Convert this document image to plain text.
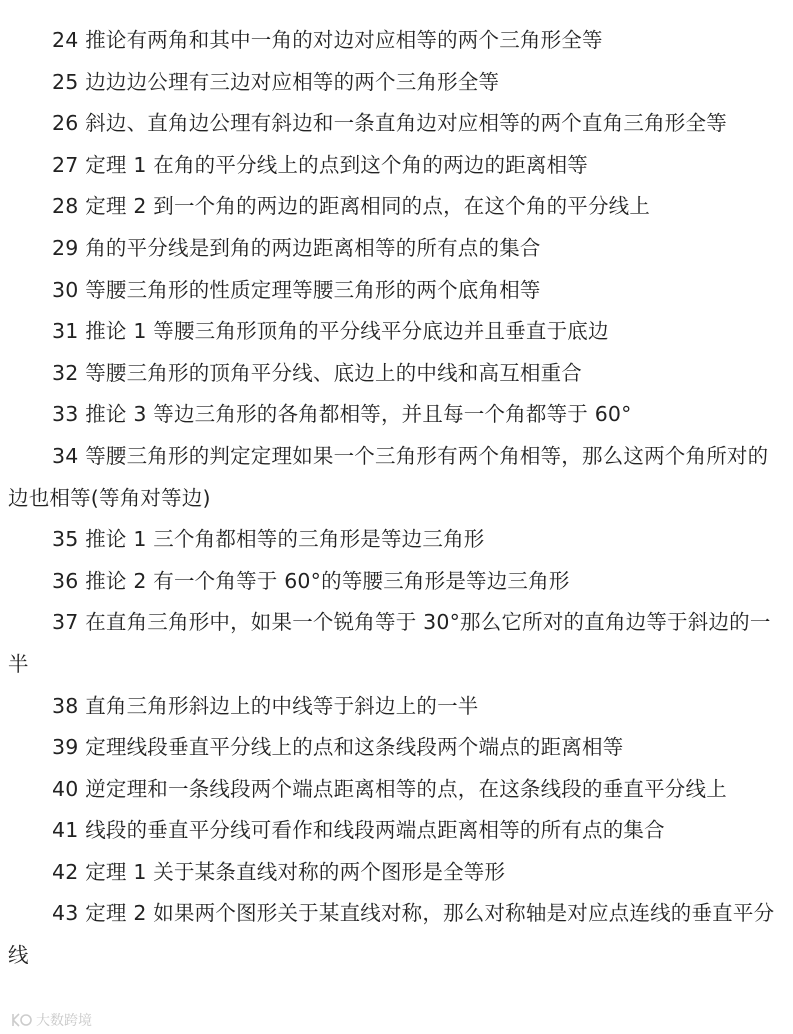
24 推论有两角和其中一角的对边对应相等的两个三角形全等

25 边边边公理有三边对应相等的两个三角形全等

26 斜边、直角边公理有斜边和一条直角边对应相等的两个直角三角形全等

27 定理 1 在角的平分线上的点到这个角的两边的距离相等

28 定理 2 到一个角的两边的距离相同的点，在这个角的平分线上

29 角的平分线是到角的两边距离相等的所有点的集合

30 等腰三角形的性质定理等腰三角形的两个底角相等

31 推论 1 等腰三角形顶角的平分线平分底边并且垂直于底边

32 等腰三角形的顶角平分线、底边上的中线和高互相重合

33 推论 3 等边三角形的各角都相等，并且每一个角都等于 60°

34 等腰三角形的判定定理如果一个三角形有两个角相等，那么这两个角所对的边也相等(等角对等边)

35 推论 1 三个角都相等的三角形是等边三角形

36 推论 2 有一个角等于 60°的等腰三角形是等边三角形

37 在直角三角形中，如果一个锐角等于 30°那么它所对的直角边等于斜边的一半

38 直角三角形斜边上的中线等于斜边上的一半

39 定理线段垂直平分线上的点和这条线段两个端点的距离相等

40 逆定理和一条线段两个端点距离相等的点，在这条线段的垂直平分线上

41 线段的垂直平分线可看作和线段两端点距离相等的所有点的集合

42 定理 1 关于某条直线对称的两个图形是全等形

43 定理 2 如果两个图形关于某直线对称，那么对称轴是对应点连线的垂直平分线

大数跨境
